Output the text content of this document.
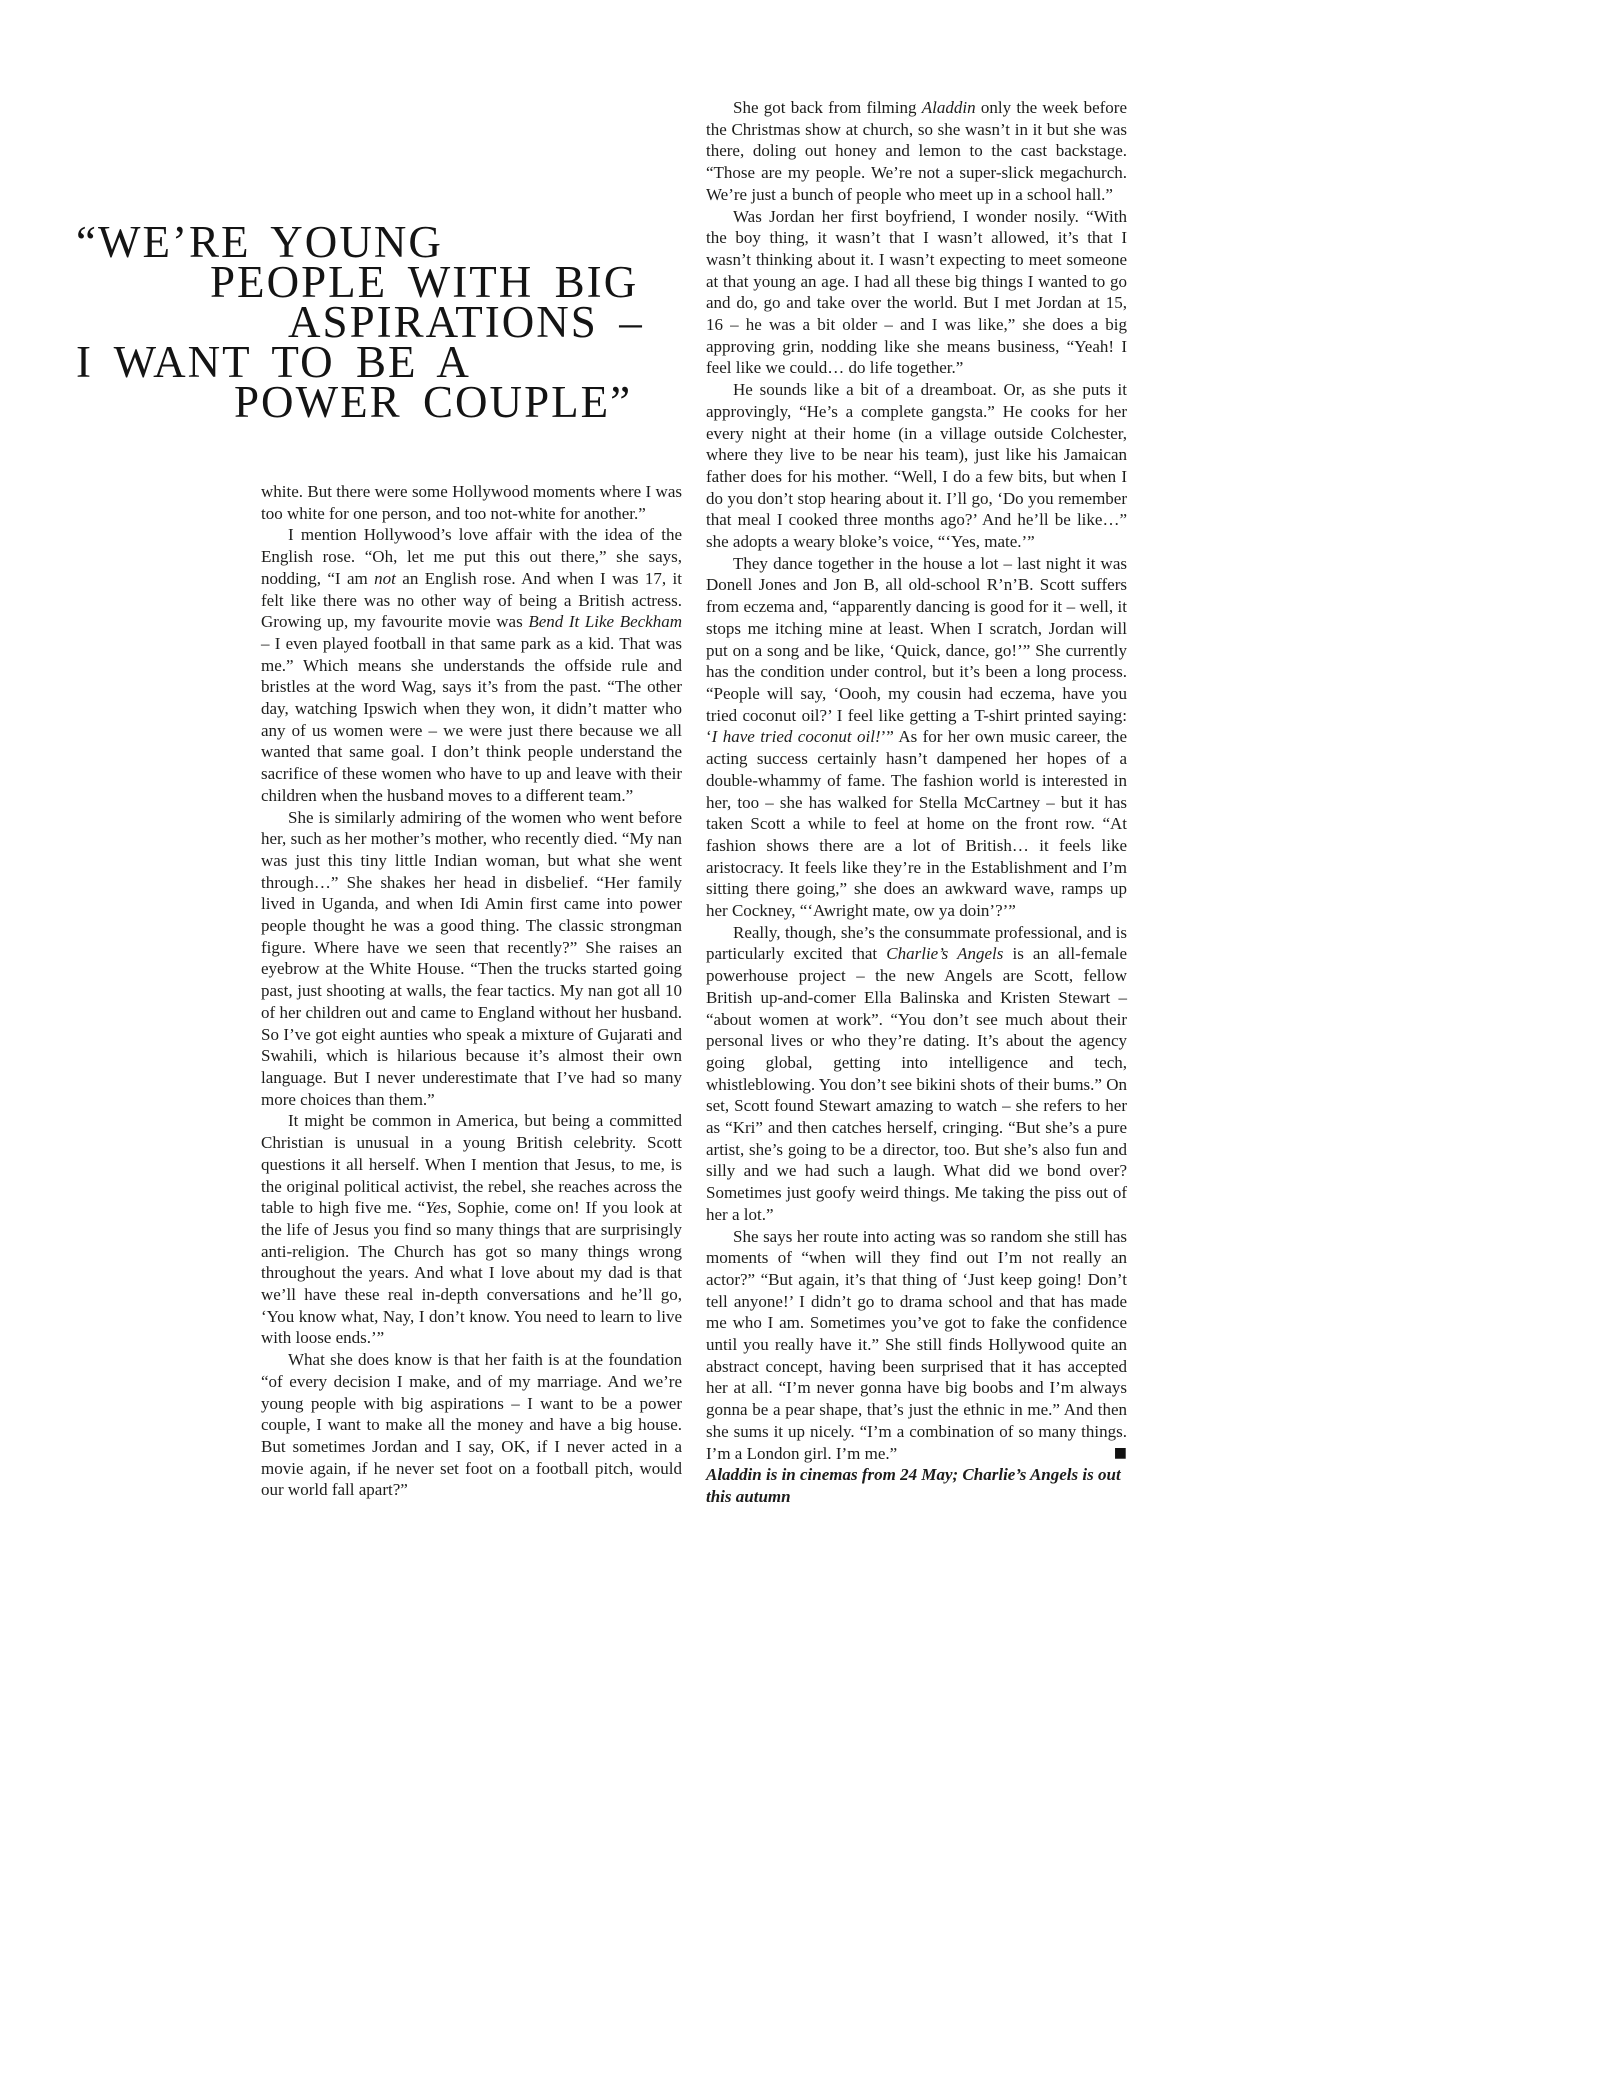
“WE’RE YOUNG
PEOPLE WITH BIG
ASPIRATIONS –
I WANT TO BE A
POWER COUPLE”

white. But there were some Hollywood moments where I was too white for one person, and too not-white for another.”

I mention Hollywood’s love affair with the idea of the English rose. “Oh, let me put this out there,” she says, nodding, “I am not an English rose. And when I was 17, it felt like there was no other way of being a British actress. Growing up, my favourite movie was Bend It Like Beckham – I even played football in that same park as a kid. That was me.” Which means she understands the offside rule and bristles at the word Wag, says it’s from the past. “The other day, watching Ipswich when they won, it didn’t matter who any of us women were – we were just there because we all wanted that same goal. I don’t think people understand the sacrifice of these women who have to up and leave with their children when the husband moves to a different team.”

She is similarly admiring of the women who went before her, such as her mother’s mother, who recently died. “My nan was just this tiny little Indian woman, but what she went through…” She shakes her head in disbelief. “Her family lived in Uganda, and when Idi Amin first came into power people thought he was a good thing. The classic strongman figure. Where have we seen that recently?” She raises an eyebrow at the White House. “Then the trucks started going past, just shooting at walls, the fear tactics. My nan got all 10 of her children out and came to England without her husband. So I’ve got eight aunties who speak a mixture of Gujarati and Swahili, which is hilarious because it’s almost their own language. But I never underestimate that I’ve had so many more choices than them.”

It might be common in America, but being a committed Christian is unusual in a young British celebrity. Scott questions it all herself. When I mention that Jesus, to me, is the original political activist, the rebel, she reaches across the table to high five me. “Yes, Sophie, come on! If you look at the life of Jesus you find so many things that are surprisingly anti-religion. The Church has got so many things wrong throughout the years. And what I love about my dad is that we’ll have these real in-depth conversations and he’ll go, ‘You know what, Nay, I don’t know. You need to learn to live with loose ends.’”

What she does know is that her faith is at the foundation “of every decision I make, and of my marriage. And we’re young people with big aspirations – I want to be a power couple, I want to make all the money and have a big house. But sometimes Jordan and I say, OK, if I never acted in a movie again, if he never set foot on a football pitch, would our world fall apart?”

She got back from filming Aladdin only the week before the Christmas show at church, so she wasn’t in it but she was there, doling out honey and lemon to the cast backstage. “Those are my people. We’re not a super-slick megachurch. We’re just a bunch of people who meet up in a school hall.”

Was Jordan her first boyfriend, I wonder nosily. “With the boy thing, it wasn’t that I wasn’t allowed, it’s that I wasn’t thinking about it. I wasn’t expecting to meet someone at that young an age. I had all these big things I wanted to go and do, go and take over the world. But I met Jordan at 15, 16 – he was a bit older – and I was like,” she does a big approving grin, nodding like she means business, “Yeah! I feel like we could… do life together.”

He sounds like a bit of a dreamboat. Or, as she puts it approvingly, “He’s a complete gangsta.” He cooks for her every night at their home (in a village outside Colchester, where they live to be near his team), just like his Jamaican father does for his mother. “Well, I do a few bits, but when I do you don’t stop hearing about it. I’ll go, ‘Do you remember that meal I cooked three months ago?’ And he’ll be like…” she adopts a weary bloke’s voice, “‘Yes, mate.’”

They dance together in the house a lot – last night it was Donell Jones and Jon B, all old-school R’n’B. Scott suffers from eczema and, “apparently dancing is good for it – well, it stops me itching mine at least. When I scratch, Jordan will put on a song and be like, ‘Quick, dance, go!’” She currently has the condition under control, but it’s been a long process. “People will say, ‘Oooh, my cousin had eczema, have you tried coconut oil?’ I feel like getting a T-shirt printed saying: ‘I have tried coconut oil!’” As for her own music career, the acting success certainly hasn’t dampened her hopes of a double-whammy of fame. The fashion world is interested in her, too – she has walked for Stella McCartney – but it has taken Scott a while to feel at home on the front row. “At fashion shows there are a lot of British… it feels like aristocracy. It feels like they’re in the Establishment and I’m sitting there going,” she does an awkward wave, ramps up her Cockney, “‘Awright mate, ow ya doin’?’”

Really, though, she’s the consummate professional, and is particularly excited that Charlie’s Angels is an all-female powerhouse project – the new Angels are Scott, fellow British up-and-comer Ella Balinska and Kristen Stewart – “about women at work”. “You don’t see much about their personal lives or who they’re dating. It’s about the agency going global, getting into intelligence and tech, whistleblowing. You don’t see bikini shots of their bums.” On set, Scott found Stewart amazing to watch – she refers to her as “Kri” and then catches herself, cringing. “But she’s a pure artist, she’s going to be a director, too. But she’s also fun and silly and we had such a laugh. What did we bond over? Sometimes just goofy weird things. Me taking the piss out of her a lot.”

She says her route into acting was so random she still has moments of “when will they find out I’m not really an actor?” “But again, it’s that thing of ‘Just keep going! Don’t tell anyone!’ I didn’t go to drama school and that has made me who I am. Sometimes you’ve got to fake the confidence until you really have it.” She still finds Hollywood quite an abstract concept, having been surprised that it has accepted her at all. “I’m never gonna have big boobs and I’m always gonna be a pear shape, that’s just the ethnic in me.” And then she sums it up nicely. “I’m a combination of so many things. I’m a London girl. I’m me.”	■

Aladdin is in cinemas from 24 May; Charlie’s Angels is out this autumn
